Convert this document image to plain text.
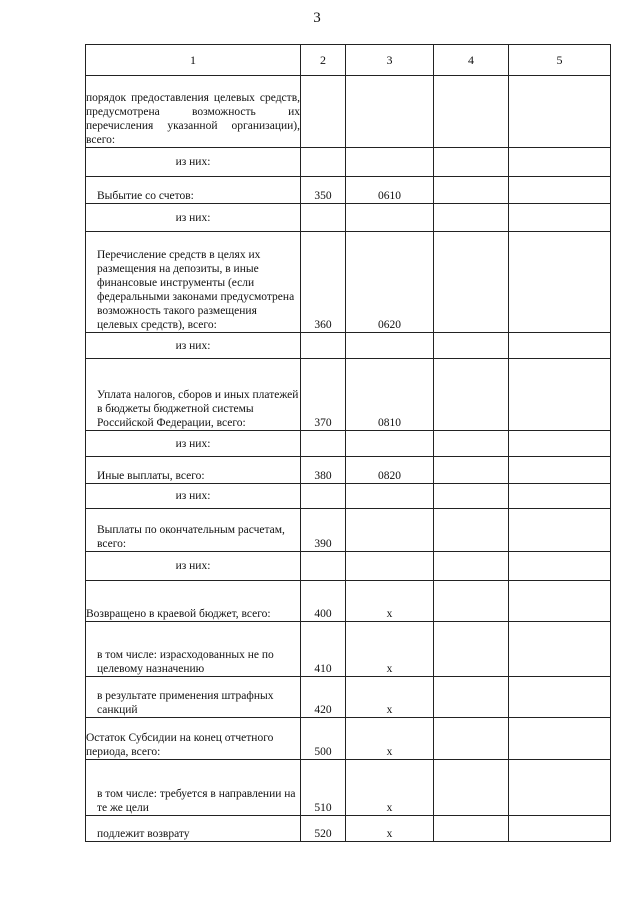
3
1	2	3	4	5
порядок предоставления целевых средств, предусмотрена возможность их перечисления указанной организации), всего:				
из них:				
Выбытие со счетов:	350	0610		
из них:				
Перечисление средств в целях их размещения на депозиты, в иные финансовые инструменты (если федеральными законами предусмотрена возможность такого размещения целевых средств), всего:	360	0620		
из них:				
Уплата налогов, сборов и иных платежей в бюджеты бюджетной системы Российской Федерации, всего:	370	0810		
из них:				
Иные выплаты, всего:	380	0820		
из них:				
Выплаты по окончательным расчетам, всего:	390			
из них:				
Возвращено в краевой бюджет, всего:	400	x		
в том числе: израсходованных не по целевому назначению	410	x		
в результате применения штрафных санкций	420	x		
Остаток Субсидии на конец отчетного периода, всего:	500	x		
в том числе: требуется в направлении на те же цели	510	x		
подлежит возврату	520	x		
